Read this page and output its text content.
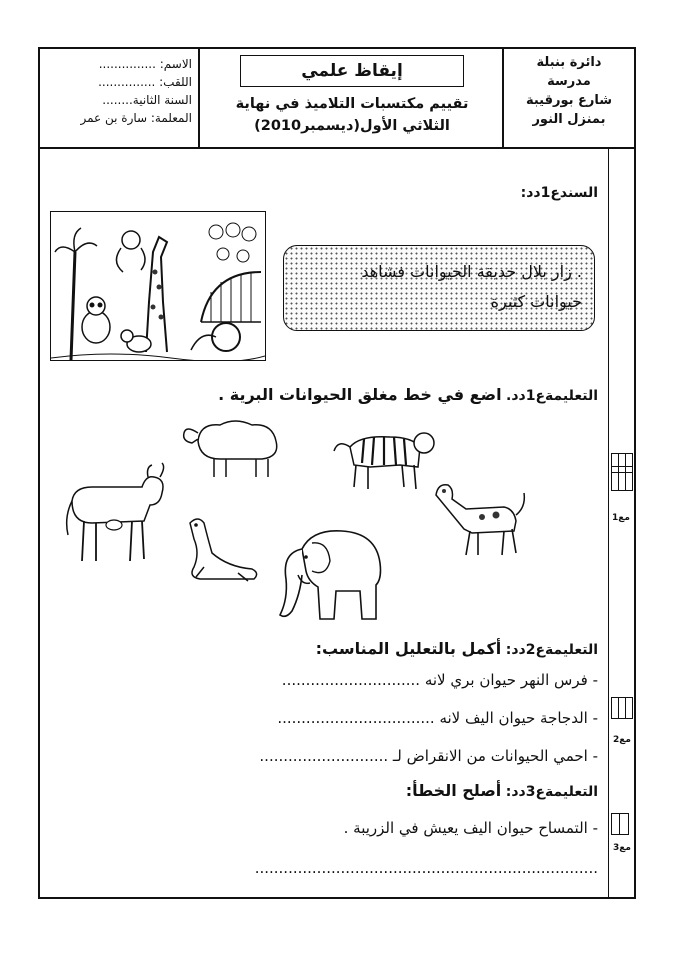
دائرة بنبلة
مدرسة
شارع بورقيبة
بمنزل النور
إيقاظ علمي
تقييم مكتسبات التلاميذ في نهاية
الثلاثي الأول(ديسمبر2010)
الاسم: ...............
اللقب: ...............
السنة الثانية........
المعلمة: سارة بن عمر
مع1
مع2
مع3
السندع1دد:
زار بلال حديقة الحيوانات فشاهد .
حيوانات كثيرة
التعليمةع1دد. اضع في خط مغلق الحيوانات البرية .
التعليمةع2دد: أكمل بالتعليل المناسب:
- فرس النهر حيوان بري لانه .............................
- الدجاجة حيوان اليف لانه .................................
- احمي الحيوانات من الانقراض لـ ...........................
التعليمةع3دد: أصلح الخطأ:
- التمساح حيوان اليف يعيش في الزريبة .
........................................................................
